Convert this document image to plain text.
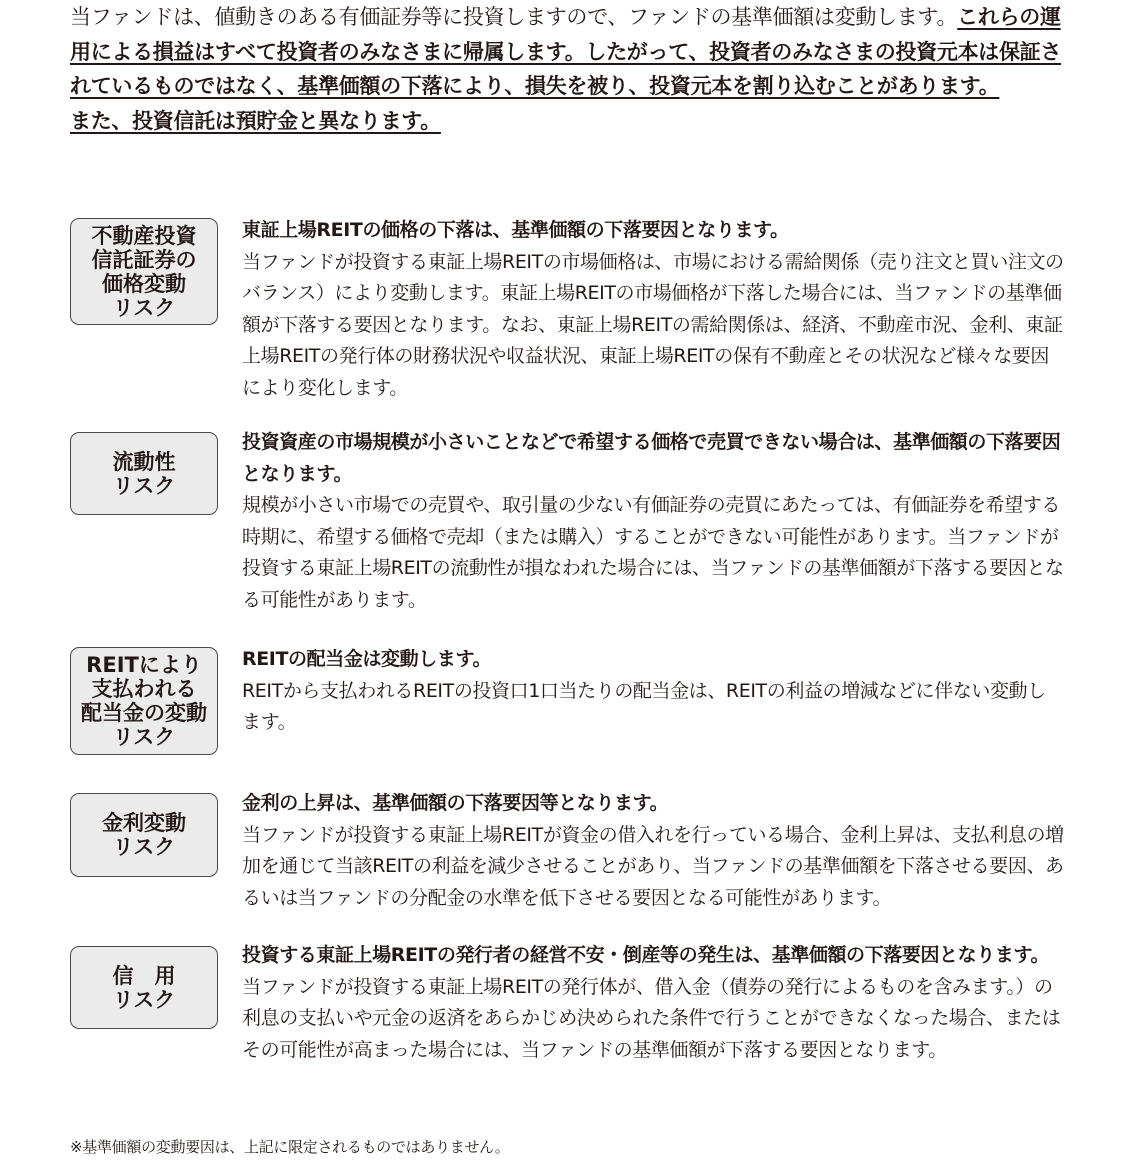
当ファンドは、値動きのある有価証券等に投資しますので、ファンドの基準価額は変動します。これらの運用による損益はすべて投資者のみなさまに帰属します。したがって、投資者のみなさまの投資元本は保証されているものではなく、基準価額の下落により、損失を被り、投資元本を割り込むことがあります。
また、投資信託は預貯金と異なります。
不動産投資
信託証券の
価格変動
リスク
東証上場REITの価格の下落は、基準価額の下落要因となります。
当ファンドが投資する東証上場REITの市場価格は、市場における需給関係（売り注文と買い注文のバランス）により変動します。東証上場REITの市場価格が下落した場合には、当ファンドの基準価額が下落する要因となります。なお、東証上場REITの需給関係は、経済、不動産市況、金利、東証上場REITの発行体の財務状況や収益状況、東証上場REITの保有不動産とその状況など様々な要因により変化します。
流動性
リスク
投資資産の市場規模が小さいことなどで希望する価格で売買できない場合は、基準価額の下落要因となります。
規模が小さい市場での売買や、取引量の少ない有価証券の売買にあたっては、有価証券を希望する時期に、希望する価格で売却（または購入）することができない可能性があります。当ファンドが投資する東証上場REITの流動性が損なわれた場合には、当ファンドの基準価額が下落する要因となる可能性があります。
REITにより
支払われる
配当金の変動
リスク
REITの配当金は変動します。
REITから支払われるREITの投資口1口当たりの配当金は、REITの利益の増減などに伴ない変動します。
金利変動
リスク
金利の上昇は、基準価額の下落要因等となります。
当ファンドが投資する東証上場REITが資金の借入れを行っている場合、金利上昇は、支払利息の増加を通じて当該REITの利益を減少させることがあり、当ファンドの基準価額を下落させる要因、あるいは当ファンドの分配金の水準を低下させる要因となる可能性があります。
信　用
リスク
投資する東証上場REITの発行者の経営不安・倒産等の発生は、基準価額の下落要因となります。
当ファンドが投資する東証上場REITの発行体が、借入金（債券の発行によるものを含みます。）の利息の支払いや元金の返済をあらかじめ決められた条件で行うことができなくなった場合、またはその可能性が高まった場合には、当ファンドの基準価額が下落する要因となります。
※基準価額の変動要因は、上記に限定されるものではありません。
